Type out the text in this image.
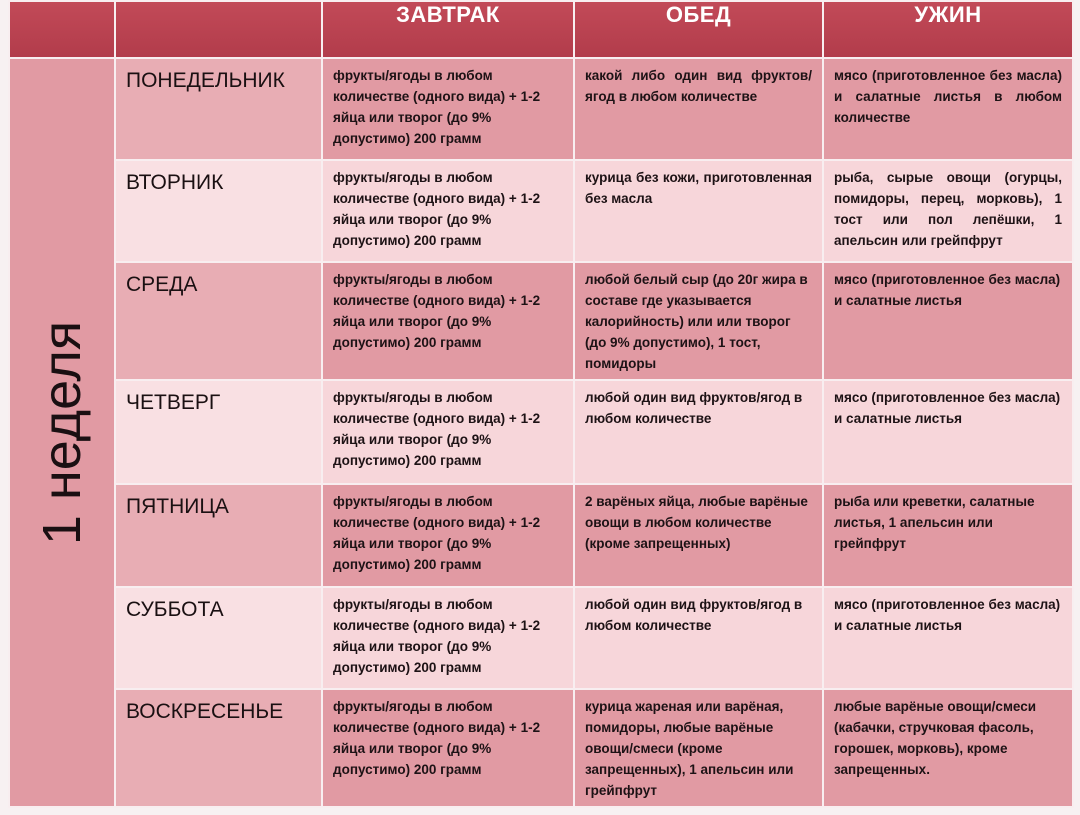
		ЗАВТРАК	ОБЕД	УЖИН

1 неделя	ПОНЕДЕЛЬНИК	фрукты/ягоды в любом количестве (одного вида) + 1-2 яйца или творог (до 9% допустимо) 200 грамм	какой либо один вид фруктов/ягод в любом количестве	мясо (приготовленное без масла) и салатные листья в любом количестве
	ВТОРНИК	фрукты/ягоды в любом количестве (одного вида) + 1-2 яйца или творог (до 9% допустимо) 200 грамм	курица без кожи, приготовленная без масла	рыба, сырые овощи (огурцы, помидоры, перец, морковь), 1 тост или пол лепёшки, 1 апельсин или грейпфрут
	СРЕДА	фрукты/ягоды в любом количестве (одного вида) + 1-2 яйца или творог (до 9% допустимо) 200 грамм	любой белый сыр (до 20г жира в составе где указывается калорийность) или или творог (до 9% допустимо), 1 тост, помидоры	мясо (приготовленное без масла) и салатные листья
	ЧЕТВЕРГ	фрукты/ягоды в любом количестве (одного вида) + 1-2 яйца или творог (до 9% допустимо) 200 грамм	любой один вид фруктов/ягод в любом количестве	мясо (приготовленное без масла) и салатные листья
	ПЯТНИЦА	фрукты/ягоды в любом количестве (одного вида) + 1-2 яйца или творог (до 9% допустимо) 200 грамм	2 варёных яйца, любые варёные овощи в любом количестве (кроме запрещенных)	рыба или креветки, салатные листья, 1 апельсин или грейпфрут
	СУББОТА	фрукты/ягоды в любом количестве (одного вида) + 1-2 яйца или творог (до 9% допустимо) 200 грамм	любой один вид фруктов/ягод в любом количестве	мясо (приготовленное без масла) и салатные листья
	ВОСКРЕСЕНЬЕ	фрукты/ягоды в любом количестве (одного вида) + 1-2 яйца или творог (до 9% допустимо) 200 грамм	курица жареная или варёная, помидоры, любые варёные овощи/смеси (кроме запрещенных), 1 апельсин или грейпфрут	любые варёные овощи/смеси (кабачки, стручковая фасоль, горошек, морковь), кроме запрещенных.
